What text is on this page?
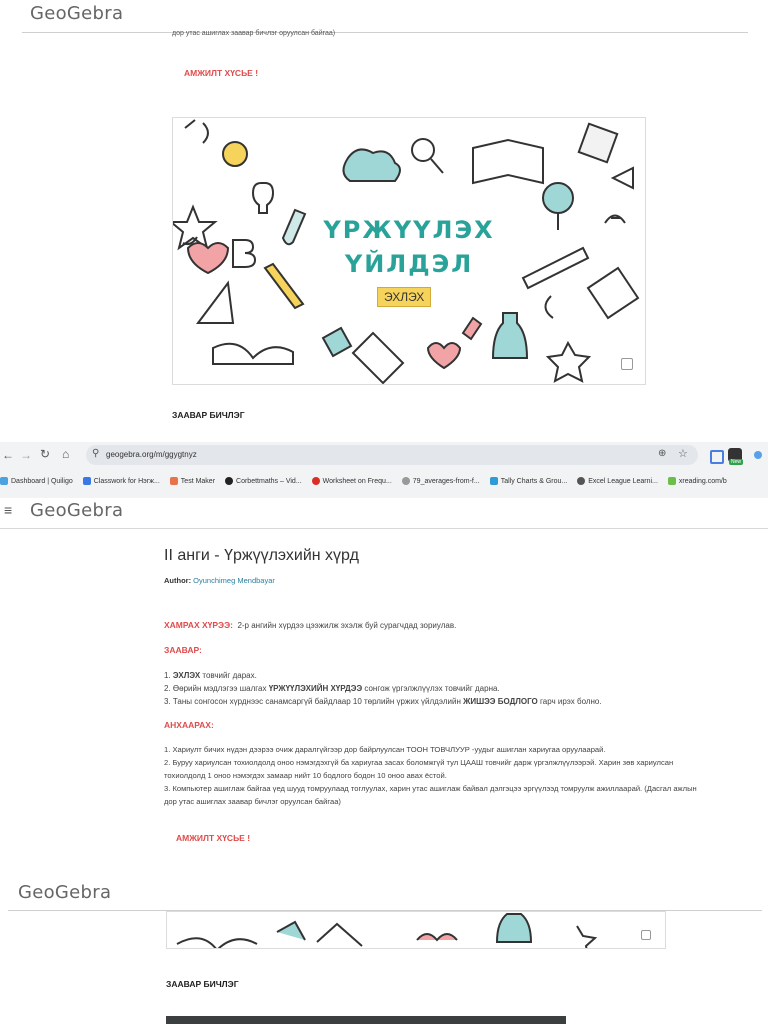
GeoGebra
дор утас ашиглах заавар бичлэг оруулсан байгаа)
АМЖИЛТ ХҮСЬЕ !
ҮРЖҮҮЛЭХ
ҮЙЛДЭЛ
ЭХЛЭХ
ЗААВАР БИЧЛЭГ
← → ↻ ⌂ ⚲ geogebra.org/m/ggygtnyz	⊕ ☆
New
Dashboard | Quiligo	Classwork for Нэгж...	Test Maker	Corbettmaths – Vid...	Worksheet on Frequ...	79_averages-from-f...	Tally Charts & Grou...	Excel League Learni...	xreading.com/b
≡ GeoGebra
II анги - Үржүүлэхийн хүрд
Author: Oyunchimeg Mendbayar
ХАМРАХ ХҮРЭЭ: 2-р ангийн хүрдээ цээжилж эхэлж буй сурагчдад зориулав.
ЗААВАР:
1. ЭХЛЭХ товчийг дарах.
2. Өөрийн мэдлэгээ шалгах ҮРЖҮҮЛЭХИЙН ХҮРДЭЭ сонгож үргэлжлүүлэх товчийг дарна.
3. Таны сонгосон хүрднээс санамсаргүй байдлаар 10 төрлийн үржих үйлдэлийн ЖИШЭЭ БОДЛОГО гарч ирэх болно.
АНХААРАХ:
1. Хариулт бичих нүдэн дээрээ очиж даралгүйгээр дор байрлуулсан ТООН ТОВЧЛУУР -уудыг ашиглан хариугаа оруулаарай.
2. Буруу хариулсан тохиолдолд оноо нэмэгдэхгүй ба хариугаа засах боломжгүй тул ЦААШ товчийг дарж үргэлжлүүлээрэй. Харин зөв хариулсан
тохиолдолд 1 оноо нэмэгдэх замаар нийт 10 бодлого бодон 10 оноо авах ёстой.
3. Компьютер ашиглаж байгаа үед шууд томруулаад тоглуулах, харин утас ашиглаж байвал дэлгэцээ эргүүлээд томруулж ажиллаарай. (Дасгал ажлын
дор утас ашиглах заавар бичлэг оруулсан байгаа)
АМЖИЛТ ХҮСЬЕ !
GeoGebra
ЗААВАР БИЧЛЭГ
